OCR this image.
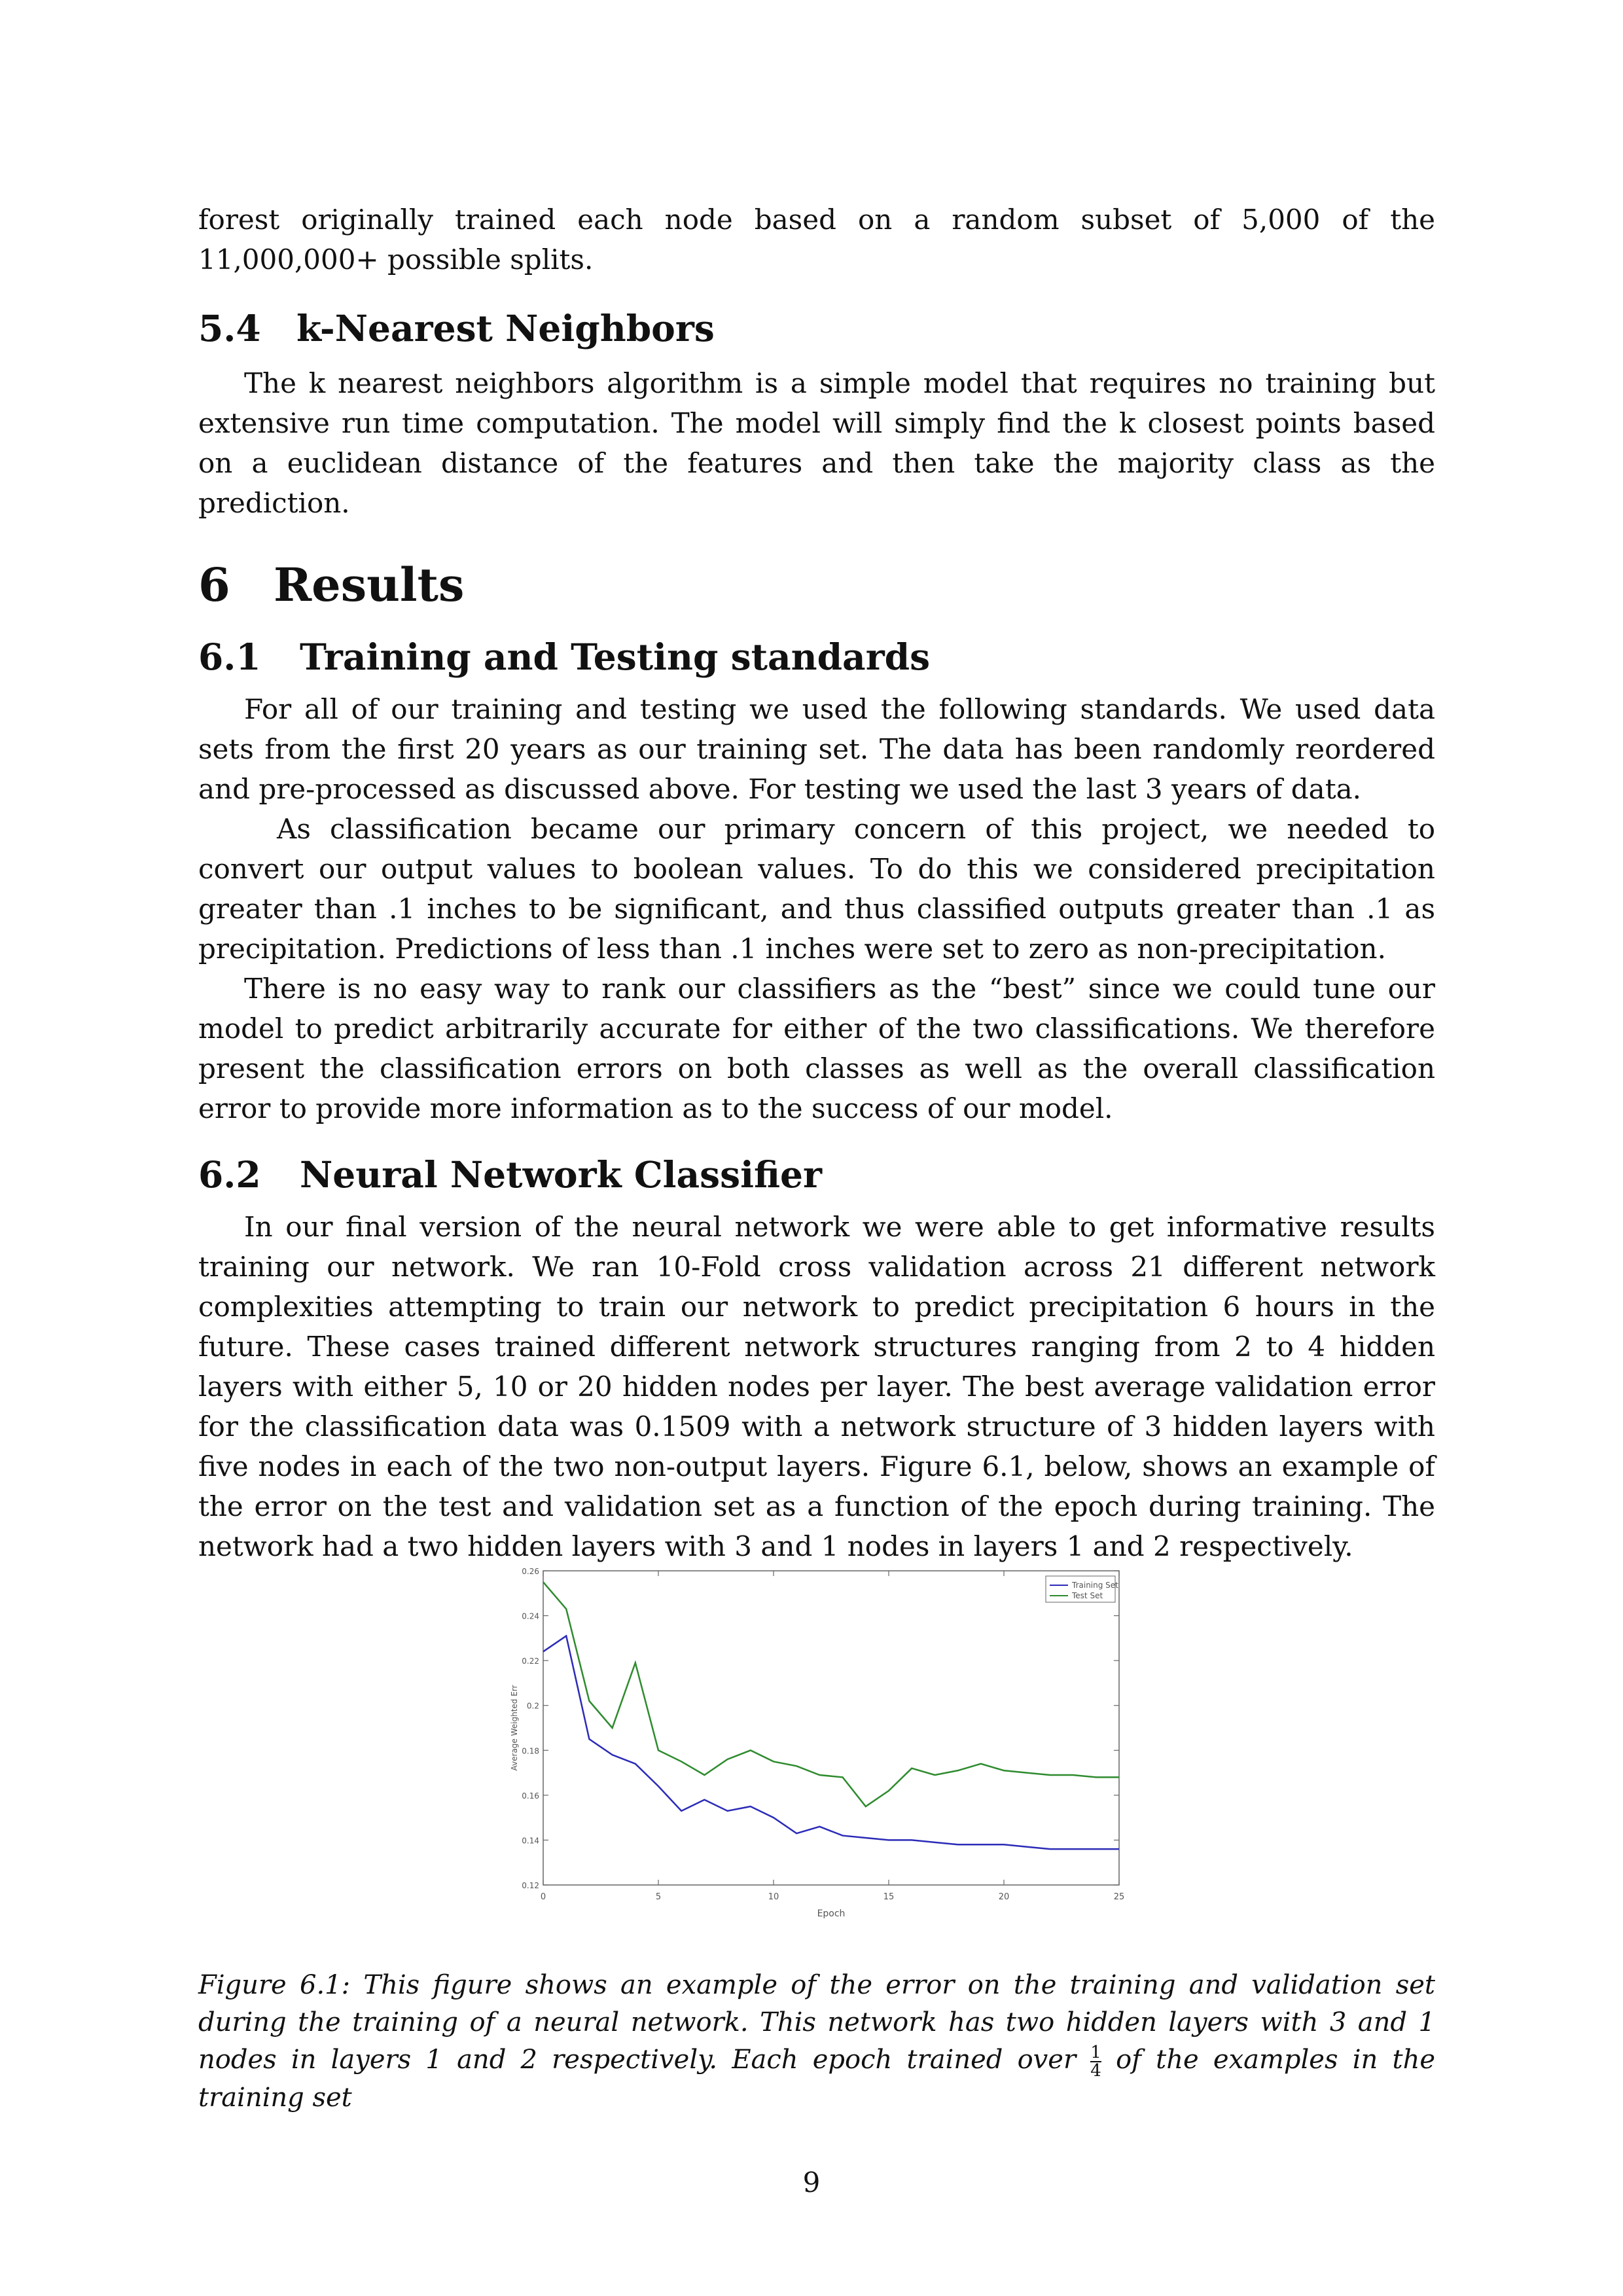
forest originally trained each node based on a random subset of 5,000 of the 11,000,000+ possible splits.

5.4 k-Nearest Neighbors

The k nearest neighbors algorithm is a simple model that requires no training but extensive run time computation. The model will simply find the k closest points based on a euclidean distance of the features and then take the majority class as the prediction.

6 Results
6.1 Training and Testing standards

For all of our training and testing we used the following standards. We used data sets from the first 20 years as our training set. The data has been randomly reordered and pre-processed as discussed above. For testing we used the last 3 years of data.

As classification became our primary concern of this project, we needed to convert our output values to boolean values. To do this we considered precipitation greater than .1 inches to be significant, and thus classified outputs greater than .1 as precipitation. Predictions of less than .1 inches were set to zero as non-precipitation.

There is no easy way to rank our classifiers as the “best” since we could tune our model to predict arbitrarily accurate for either of the two classifications. We therefore present the classification errors on both classes as well as the overall classification error to provide more information as to the success of our model.

6.2 Neural Network Classifier

In our final version of the neural network we were able to get informative results training our network. We ran 10-Fold cross validation across 21 different network complexities attempting to train our network to predict precipitation 6 hours in the future. These cases trained different network structures ranging from 2 to 4 hidden layers with either 5, 10 or 20 hidden nodes per layer. The best average validation error for the classification data was 0.1509 with a network structure of 3 hidden layers with five nodes in each of the two non-output layers. Figure 6.1, below, shows an example of the error on the test and validation set as a function of the epoch during training. The network had a two hidden layers with 3 and 1 nodes in layers 1 and 2 respectively.

0	5	10	15	20	25
0.26
0.24
0.22
0.2
0.18
0.16
0.14
0.12
Training Set
Test Set
Epoch
Average Weighted Err

Figure 6.1: This figure shows an example of the error on the training and validation set during the training of a neural network. This network has two hidden layers with 3 and 1 nodes in layers 1 and 2 respectively. Each epoch trained over $\frac{1}{4}$ of the examples in the training set

9
